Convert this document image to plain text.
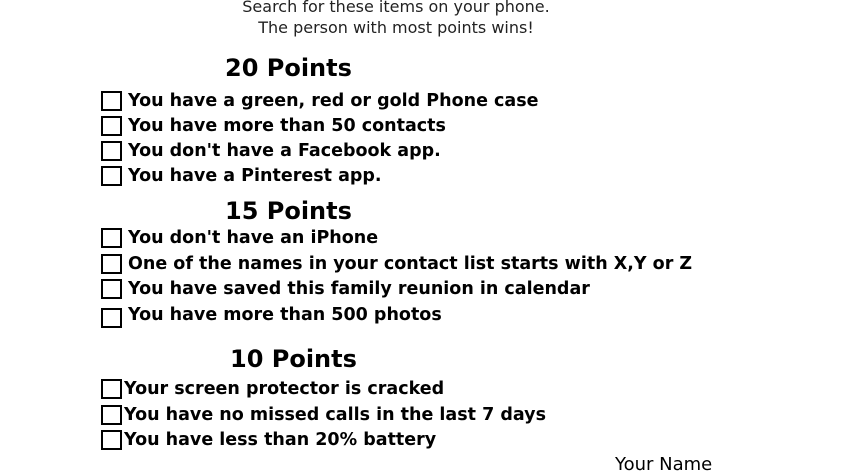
Search for these items on your phone.
The person with most points wins!
20 Points
You have a green, red or gold Phone case
You have more than 50 contacts
You don't have a Facebook app.
You have a Pinterest app.
15 Points
You don't have an iPhone
One of the names in your contact list starts with X,Y or Z
You have saved this family reunion in calendar
You have more than 500 photos
10 Points
Your screen protector is cracked
You have no missed calls in the last 7 days
You have less than 20% battery
Your Name
